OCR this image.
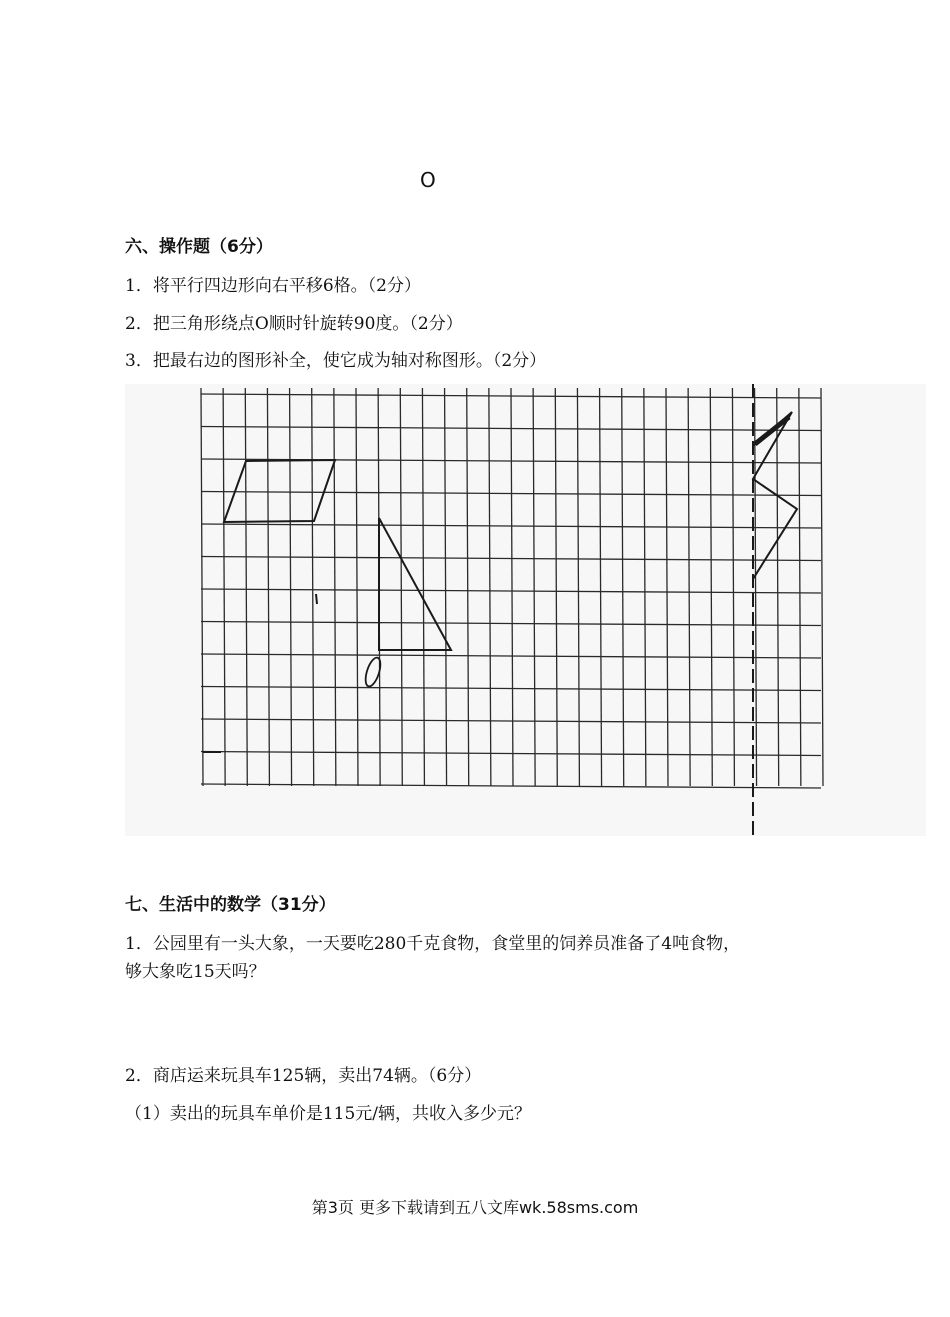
O
六、操作题（6分）
1．将平行四边形向右平移6格。（2分）
2．把三角形绕点O顺时针旋转90度。（2分）
3．把最右边的图形补全，使它成为轴对称图形。（2分）
七、生活中的数学（31分）
1．公园里有一头大象，一天要吃280千克食物，食堂里的饲养员准备了4吨食物，
够大象吃15天吗？
2．商店运来玩具车125辆，卖出74辆。（6分）
（1）卖出的玩具车单价是115元/辆，共收入多少元？
第3页 更多下载请到五八文库wk.58sms.com
